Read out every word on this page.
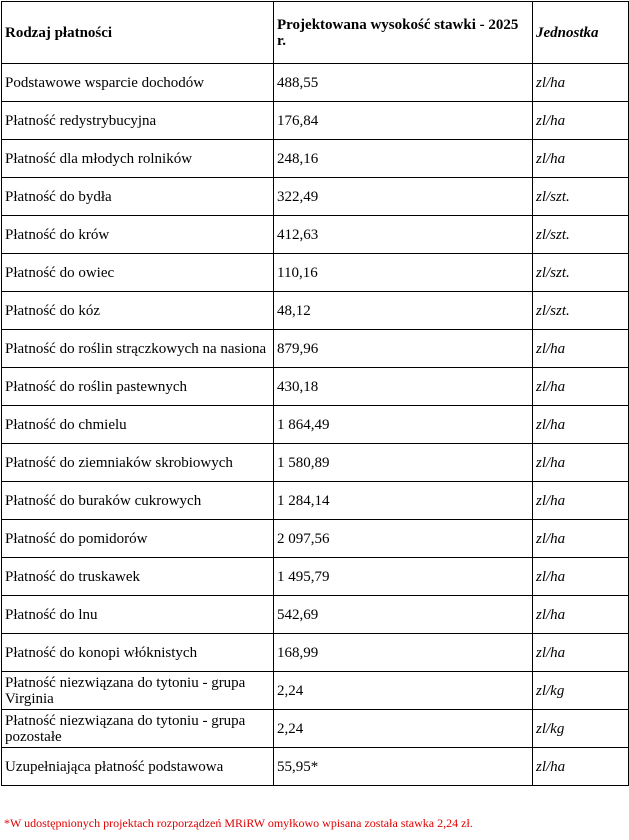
Rodzaj płatności	Projektowana wysokość stawki - 2025 r.	Jednostka
Podstawowe wsparcie dochodów	488,55	zl/ha
Płatność redystrybucyjna	176,84	zl/ha
Płatność dla młodych rolników	248,16	zl/ha
Płatność do bydła	322,49	zl/szt.
Płatność do krów	412,63	zl/szt.
Płatność do owiec	110,16	zl/szt.
Płatność do kóz	48,12	zl/szt.
Płatność do roślin strączkowych na nasiona	879,96	zl/ha
Płatność do roślin pastewnych	430,18	zl/ha
Płatność do chmielu	1 864,49	zl/ha
Płatność do ziemniaków skrobiowych	1 580,89	zl/ha
Płatność do buraków cukrowych	1 284,14	zl/ha
Płatność do pomidorów	2 097,56	zl/ha
Płatność do truskawek	1 495,79	zl/ha
Płatność do lnu	542,69	zl/ha
Płatność do konopi włóknistych	168,99	zl/ha
Płatność niezwiązana do tytoniu - grupa Virginia	2,24	zl/kg
Płatność niezwiązana do tytoniu - grupa pozostałe	2,24	zl/kg
Uzupełniająca płatność podstawowa	55,95*	zl/ha
*W udostępnionych projektach rozporządzeń MRiRW omyłkowo wpisana została stawka 2,24 zł.
